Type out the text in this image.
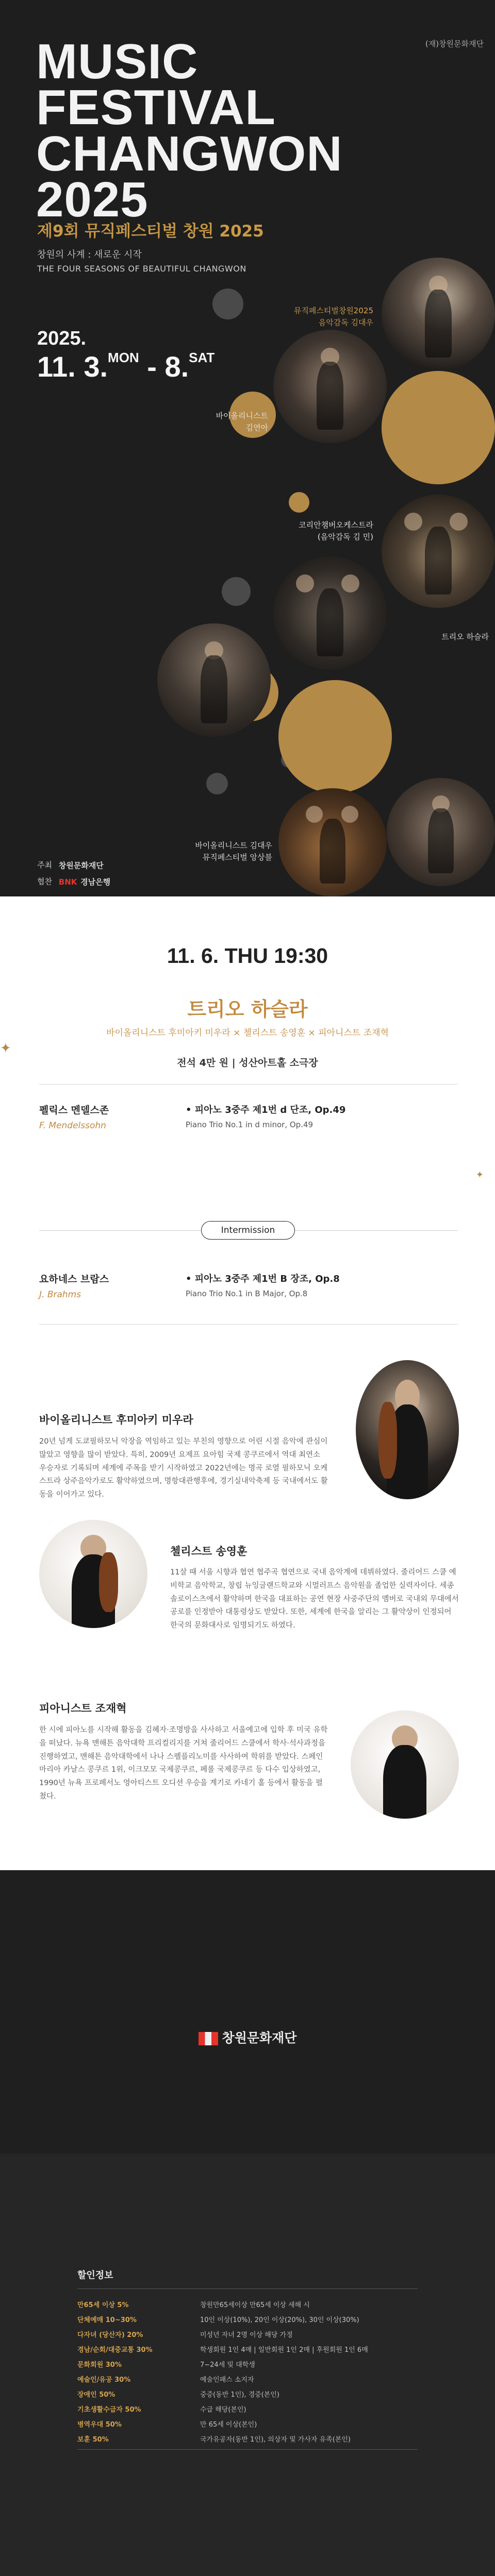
(재)창원문화재단
MUSIC
FESTIVAL
CHANGWON
2025
제9회 뮤직페스티벌 창원 2025
창원의 사계 : 새로운 시작
THE FOUR SEASONS OF BEAUTIFUL CHANGWON
2025.
11. 3.$^{MON}$ - 8.$^{SAT}$
뮤직페스티벌창원2025
음악감독 김대우
바이올리니스트
김연아
코리안챔버오케스트라
(음악감독 김 민)
트리오 하슬라
바이올리니스트 김대우
뮤직페스티벌 앙상블
주최 창원문화재단
협찬 BNK 경남은행
11. 6. THU 19:30
트리오 하슬라
바이올리니스트 후미아키 미우라 × 첼리스트 송영훈 × 피아니스트 조재혁
전석 4만 원 | 성산아트홀 소극장
✦
✦
펠릭스 멘델스존
F. Mendelssohn
• 피아노 3중주 제1번 d 단조, Op.49
Piano Trio No.1 in d minor, Op.49
Intermission
요하네스 브람스
J. Brahms
• 피아노 3중주 제1번 B 장조, Op.8
Piano Trio No.1 in B Major, Op.8
바이올리니스트 후미아키 미우라
20년 넘게 도쿄필하모닉 악장을 역임하고 있는 부친의 영향으로 어린 시절 음악에 관심이 많았고 영향을 많이 받았다. 특히, 2009년 요제프 요아힘 국제 콩쿠르에서 역대 최연소 우승자로 기록되며 세계에 주목을 받기 시작하였고 2022년에는 명곡 로열 필하모닉 오케스트라 상주음악가로도 활약하였으며, 명항대관행후에, 경기실내악축제 등 국내에서도 활동을 이어가고 있다.
첼리스트 송영훈
11살 때 서울 시향과 협연 협주곡 협연으로 국내 음악계에 데뷔하였다. 줄리어드 스쿨 예비학교 음악학교, 창립 뉴잉글랜드학교와 시멀러프스 음악원을 졸업한 실력자이다. 세종 솔로이스츠에서 활약하며 한국을 대표하는 공연 현장 사중주단의 멤버로 국내외 무대에서 공로를 인정받아 대통령상도 받았다. 또한, 세계에 한국을 알리는 그 활약상이 인정되어 한국의 문화대사로 임명되기도 하였다.
피아니스트 조재혁
한 시에 피아노를 시작해 활동을 김혜자·조명방을 사사하고 서울예고에 입학 후 미국 유학을 떠났다. 뉴욕 맨해튼 음악대학 프리컬리지를 거쳐 줄리어드 스쿨에서 학사·석사과정을 진행하였고, 맨해튼 음악대학에서 나나 스펠플리노미를 사사하여 학위를 받았다. 스페인 마리아 카날스 콩쿠르 1위, 이크모모 국제콩쿠르, 페롤 국제콩쿠르 등 다수 입상하였고, 1990년 뉴욕 프로페서노 영아티스트 오디션 우승을 계기로 카네기 홀 등에서 활동을 펼쳤다.
창원문화재단
할인정보
만65세 이상 5%	창원만65세이상 만65세 이상 새해 시
단체예매 10~30%	10인 이상(10%), 20인 이상(20%), 30인 이상(30%)
다자녀 (당산자) 20%	미성년 자녀 2명 이상 해당 가정
경남/순회/대중교통 30%	학생회원 1인 4매 | 일반회원 1인 2매 | 후원회원 1인 6매
문화회원 30%	7~24세 및 대학생
예술인/유공 30%	예술인패스 소지자
장애인 50%	중증(동반 1인), 경증(본인)
기초생활수급자 50%	수급 해당(본인)
병역우대 50%	만 65세 이상(본인)
보훈 50%	국가유공자(동반 1인), 의상자 및 가사자 유족(본인)
